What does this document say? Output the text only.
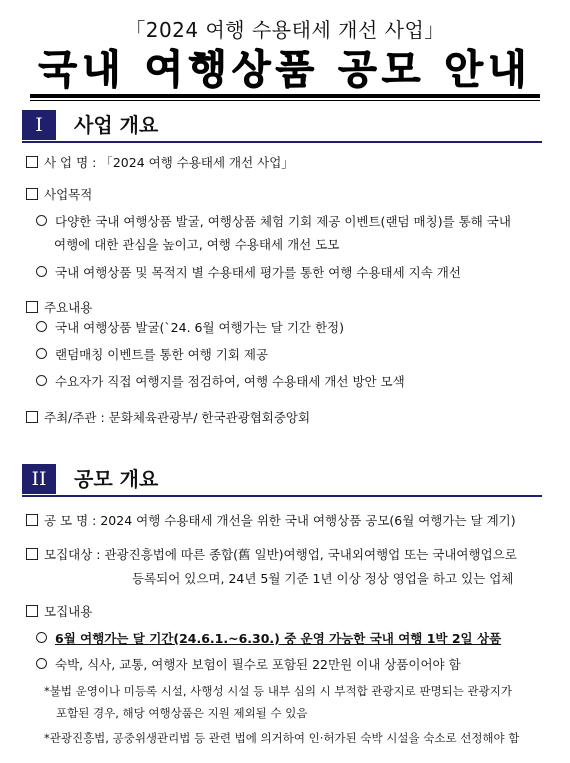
「2024 여행 수용태세 개선 사업」
국내 여행상품 공모 안내
I	사업 개요
사 업 명 : 「2024 여행 수용태세 개선 사업」
사업목적
다양한 국내 여행상품 발굴, 여행상품 체험 기회 제공 이벤트(랜덤 매칭)를 통해 국내
여행에 대한 관심을 높이고, 여행 수용태세 개선 도모
국내 여행상품 및 목적지 별 수용태세 평가를 통한 여행 수용태세 지속 개선
주요내용
국내 여행상품 발굴(`24. 6월 여행가는 달 기간 한정)
랜덤매칭 이벤트를 통한 여행 기회 제공
수요자가 직접 여행지를 점검하여, 여행 수용태세 개선 방안 모색
주최/주관 : 문화체육관광부/ 한국관광협회중앙회
II	공모 개요
공 모 명 : 2024 여행 수용태세 개선을 위한 국내 여행상품 공모(6월 여행가는 달 계기)
모집대상 : 관광진흥법에 따른 종합(舊 일반)여행업, 국내외여행업 또는 국내여행업으로
등록되어 있으며, 24년 5월 기준 1년 이상 정상 영업을 하고 있는 업체
모집내용
6월 여행가는 달 기간(24.6.1.~6.30.) 중 운영 가능한 국내 여행 1박 2일 상품
숙박, 식사, 교통, 여행자 보험이 필수로 포함된 22만원 이내 상품이어야 함
*불법 운영이나 미등록 시설, 사행성 시설 등 내부 심의 시 부적합 관광지로 판명되는 관광지가
포함된 경우, 해당 여행상품은 지원 제외될 수 있음
*관광진흥법, 공중위생관리법 등 관련 법에 의거하여 인·허가된 숙박 시설을 숙소로 선정해야 함
